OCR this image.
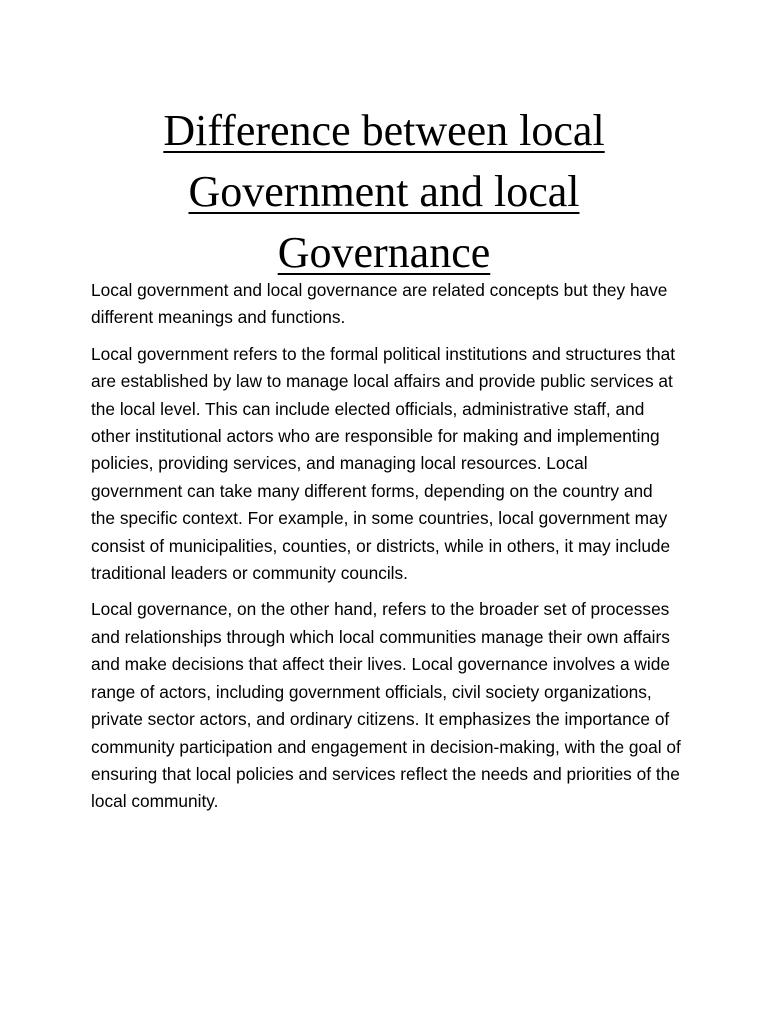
Difference between local Government and local Governance

Local government and local governance are related concepts but they have different meanings and functions.

Local government refers to the formal political institutions and structures that are established by law to manage local affairs and provide public services at the local level. This can include elected officials, administrative staff, and other institutional actors who are responsible for making and implementing policies, providing services, and managing local resources. Local government can take many different forms, depending on the country and the specific context. For example, in some countries, local government may consist of municipalities, counties, or districts, while in others, it may include traditional leaders or community councils.

Local governance, on the other hand, refers to the broader set of processes and relationships through which local communities manage their own affairs and make decisions that affect their lives. Local governance involves a wide range of actors, including government officials, civil society organizations, private sector actors, and ordinary citizens. It emphasizes the importance of community participation and engagement in decision-making, with the goal of ensuring that local policies and services reflect the needs and priorities of the local community.
